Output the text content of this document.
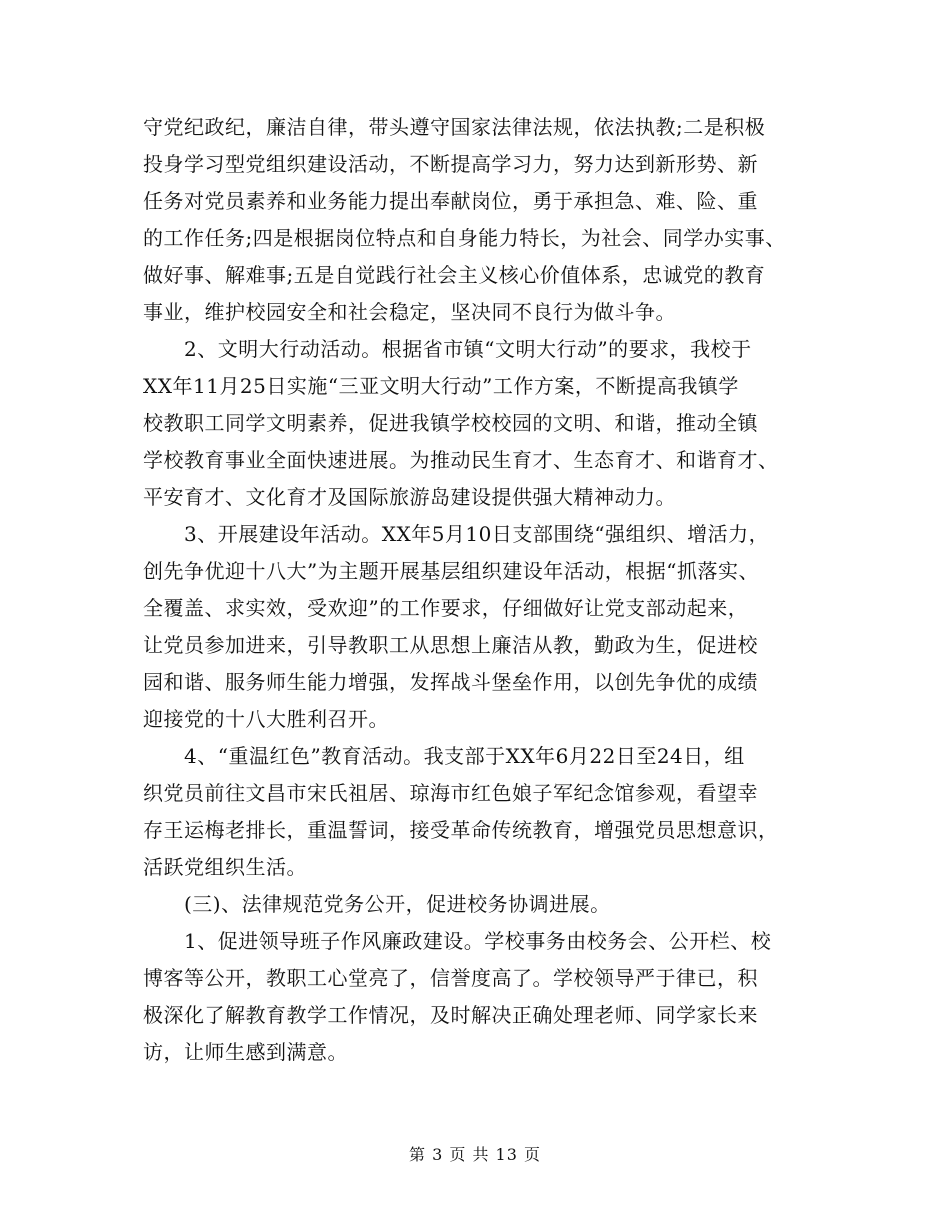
守党纪政纪，廉洁自律，带头遵守国家法律法规，依法执教;二是积极
投身学习型党组织建设活动，不断提高学习力，努力达到新形势、新
任务对党员素养和业务能力提出奉献岗位，勇于承担急、难、险、重
的工作任务;四是根据岗位特点和自身能力特长，为社会、同学办实事、
做好事、解难事;五是自觉践行社会主义核心价值体系，忠诚党的教育
事业，维护校园安全和社会稳定，坚决同不良行为做斗争。
　　2、文明大行动活动。根据省市镇“文明大行动”的要求，我校于
XX年11月25日实施“三亚文明大行动”工作方案，不断提高我镇学
校教职工同学文明素养，促进我镇学校校园的文明、和谐，推动全镇
学校教育事业全面快速进展。为推动民生育才、生态育才、和谐育才、
平安育才、文化育才及国际旅游岛建设提供强大精神动力。
　　3、开展建设年活动。XX年5月10日支部围绕“强组织、增活力，
创先争优迎十八大”为主题开展基层组织建设年活动，根据“抓落实、
全覆盖、求实效，受欢迎”的工作要求，仔细做好让党支部动起来，
让党员参加进来，引导教职工从思想上廉洁从教，勤政为生，促进校
园和谐、服务师生能力增强，发挥战斗堡垒作用，以创先争优的成绩
迎接党的十八大胜利召开。
　　4、“重温红色”教育活动。我支部于XX年6月22日至24日，组
织党员前往文昌市宋氏祖居、琼海市红色娘子军纪念馆参观，看望幸
存王运梅老排长，重温誓词，接受革命传统教育，增强党员思想意识，
活跃党组织生活。
　　(三)、法律规范党务公开，促进校务协调进展。
　　1、促进领导班子作风廉政建设。学校事务由校务会、公开栏、校
博客等公开，教职工心堂亮了，信誉度高了。学校领导严于律已，积
极深化了解教育教学工作情况，及时解决正确处理老师、同学家长来
访，让师生感到满意。
第 3 页 共 13 页
